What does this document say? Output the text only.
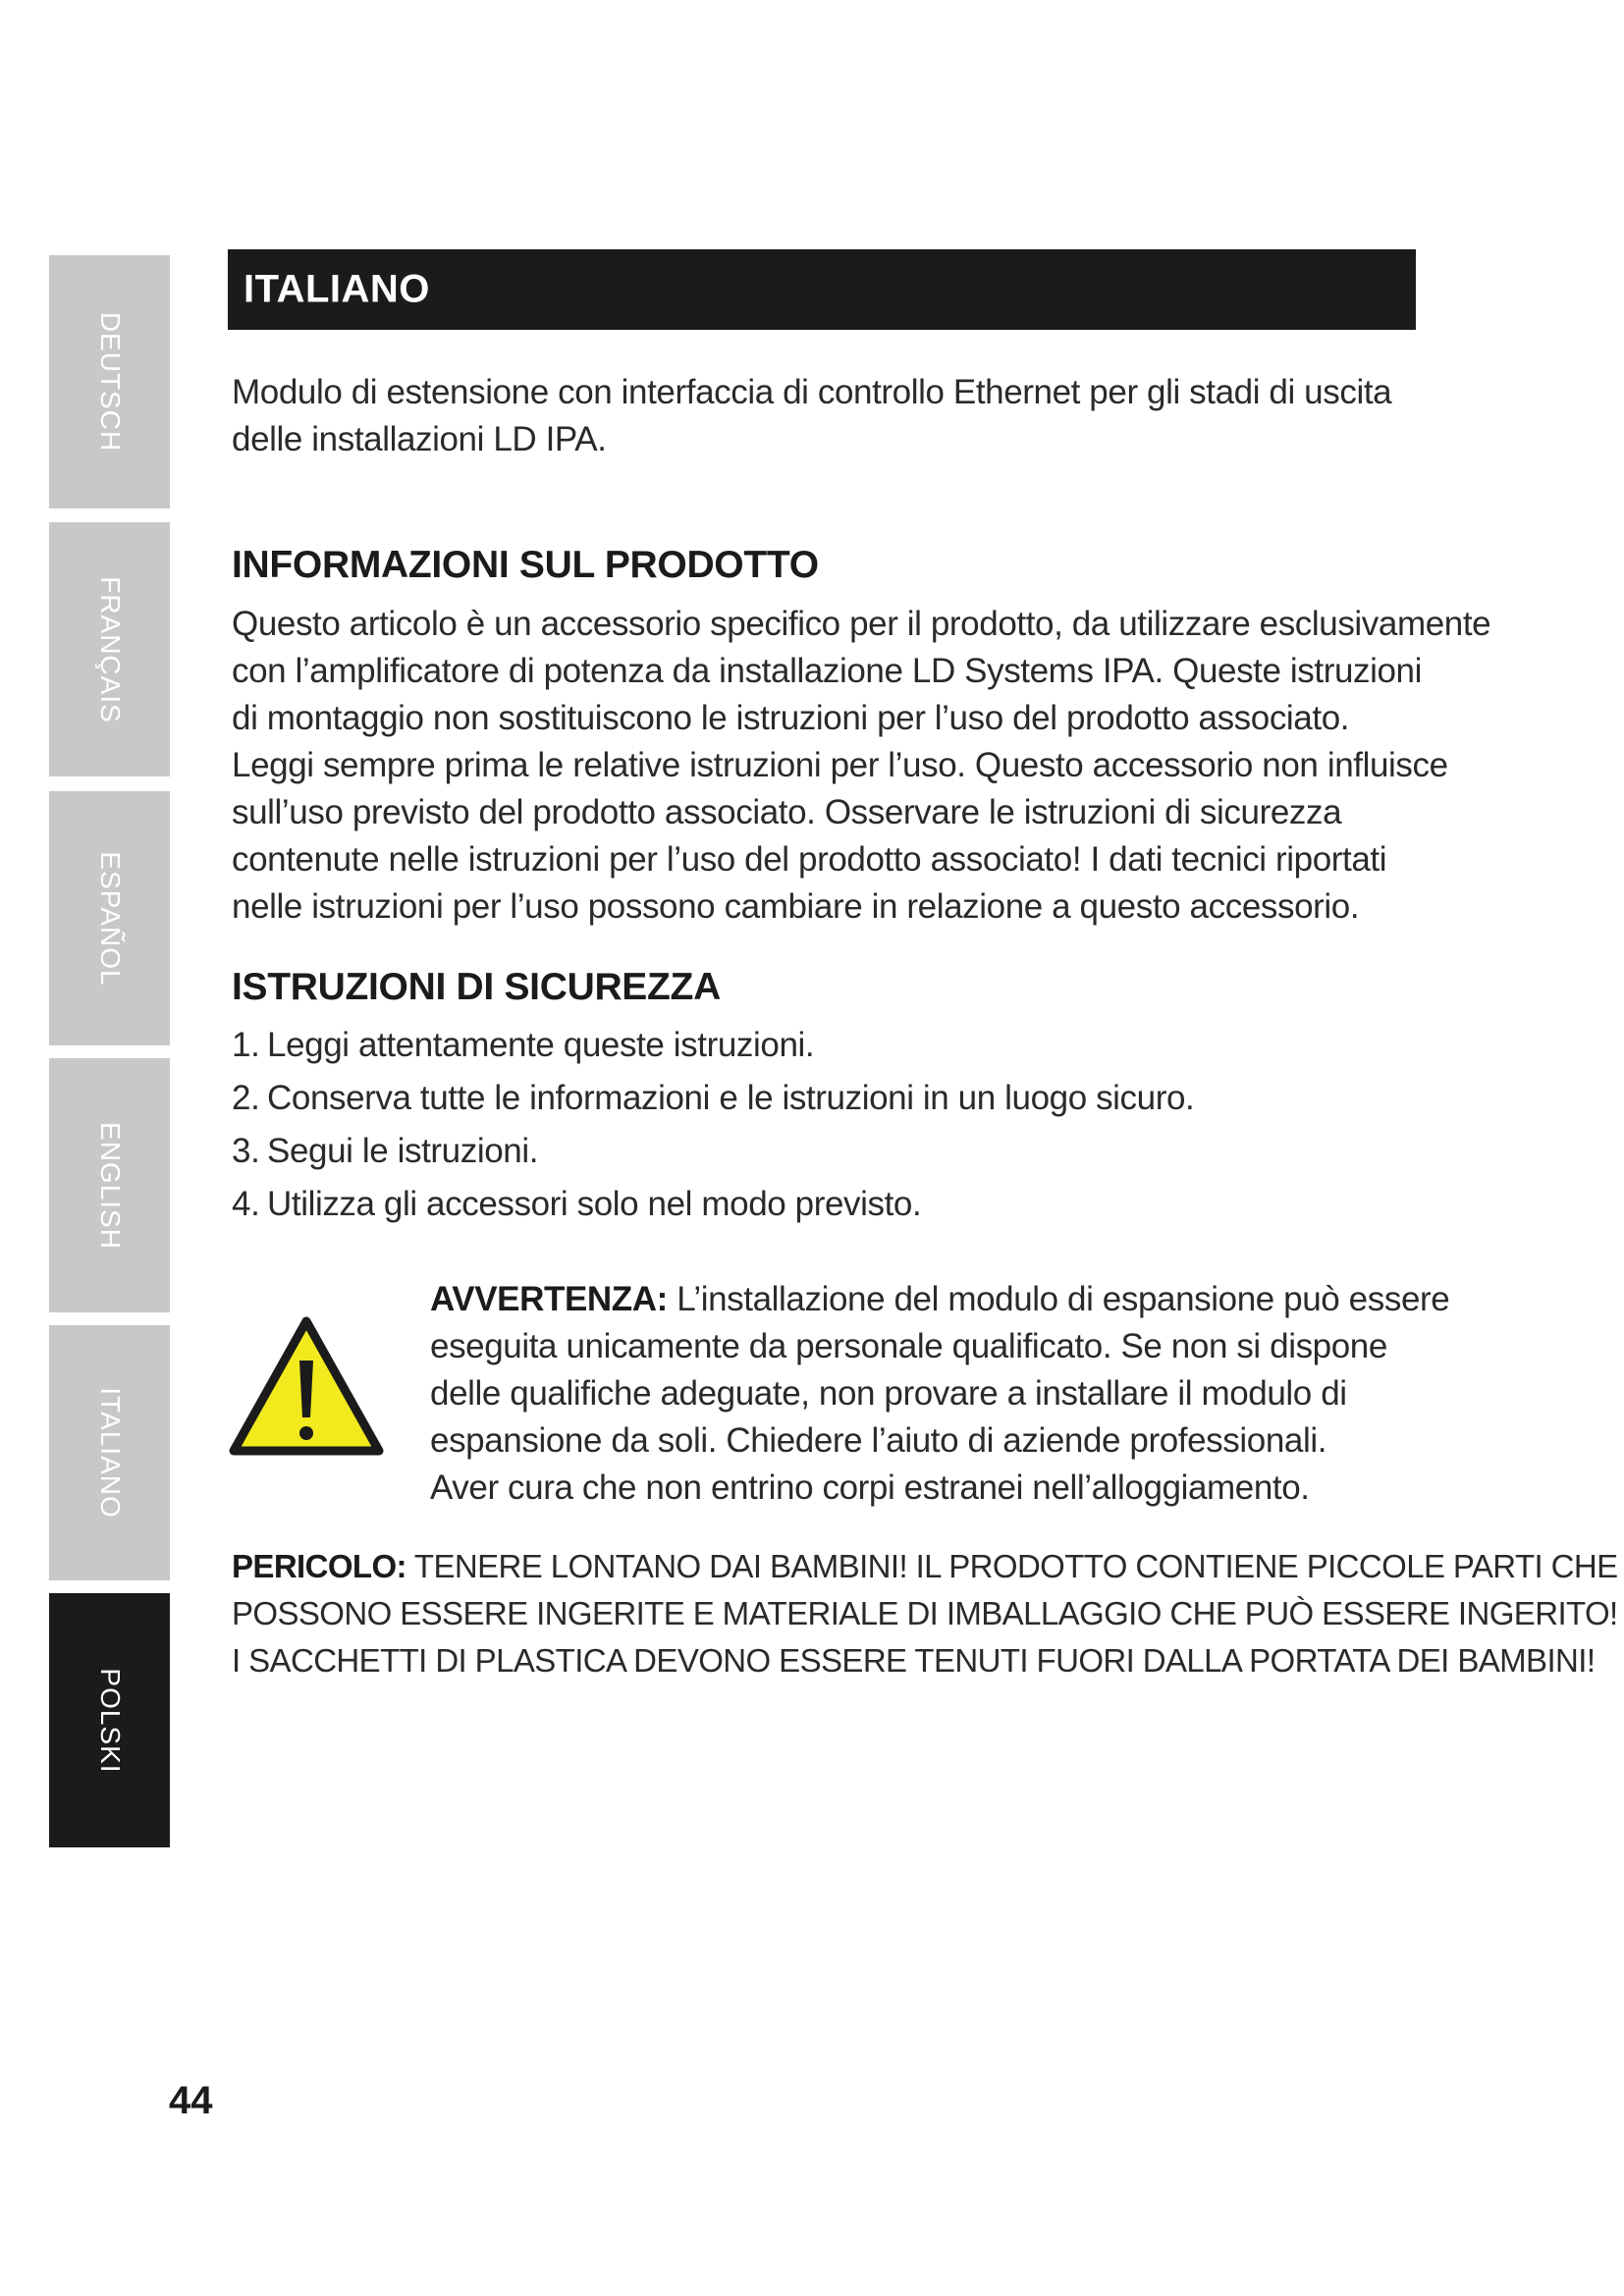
DEUTSCH
FRANÇAIS
ESPAÑOL
ENGLISH
ITALIANO
POLSKI
ITALIANO
Modulo di estensione con interfaccia di controllo Ethernet per gli stadi di uscita
delle installazioni LD IPA.
INFORMAZIONI SUL PRODOTTO
Questo articolo è un accessorio specifico per il prodotto, da utilizzare esclusivamente
con l’amplificatore di potenza da installazione LD Systems IPA. Queste istruzioni
di montaggio non sostituiscono le istruzioni per l’uso del prodotto associato.
Leggi sempre prima le relative istruzioni per l’uso. Questo accessorio non influisce
sull’uso previsto del prodotto associato. Osservare le istruzioni di sicurezza
contenute nelle istruzioni per l’uso del prodotto associato! I dati tecnici riportati
nelle istruzioni per l’uso possono cambiare in relazione a questo accessorio.
ISTRUZIONI DI SICUREZZA
1. Leggi attentamente queste istruzioni.
2. Conserva tutte le informazioni e le istruzioni in un luogo sicuro.
3. Segui le istruzioni.
4. Utilizza gli accessori solo nel modo previsto.
AVVERTENZA: L’installazione del modulo di espansione può essere
eseguita unicamente da personale qualificato. Se non si dispone
delle qualifiche adeguate, non provare a installare il modulo di
espansione da soli. Chiedere l’aiuto di aziende professionali.
Aver cura che non entrino corpi estranei nell’alloggiamento.
PERICOLO: TENERE LONTANO DAI BAMBINI! IL PRODOTTO CONTIENE PICCOLE PARTI CHE
POSSONO ESSERE INGERITE E MATERIALE DI IMBALLAGGIO CHE PUÒ ESSERE INGERITO!
I SACCHETTI DI PLASTICA DEVONO ESSERE TENUTI FUORI DALLA PORTATA DEI BAMBINI!
44
